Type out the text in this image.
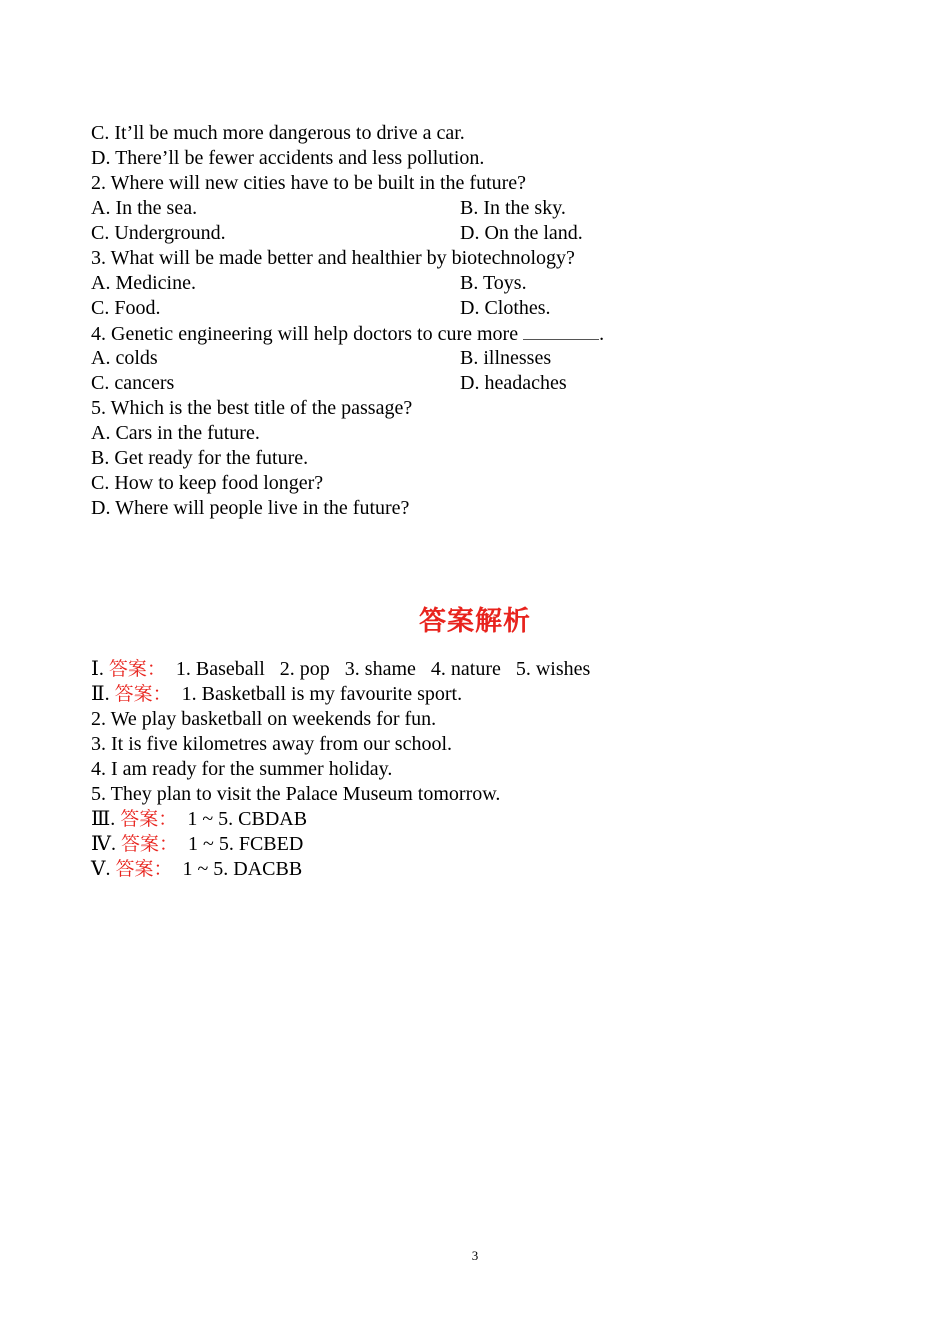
C. It’ll be much more dangerous to drive a car.
D. There’ll be fewer accidents and less pollution.
2. Where will new cities have to be built in the future?
A. In the sea.	B. In the sky.
C. Underground.	D. On the land.
3. What will be made better and healthier by biotechnology?
A. Medicine.	B. Toys.
C. Food.	D. Clothes.
4. Genetic engineering will help doctors to cure more	.
A. colds	B. illnesses
C. cancers	D. headaches
5. Which is the best title of the passage?
A. Cars in the future.
B. Get ready for the future.
C. How to keep food longer?
D. Where will people live in the future?
答案解析
Ⅰ. 答案：  1. Baseball   2. pop   3. shame   4. nature   5. wishes
Ⅱ. 答案：  1. Basketball is my favourite sport.
2. We play basketball on weekends for fun.
3. It is five kilometres away from our school.
4. I am ready for the summer holiday.
5. They plan to visit the Palace Museum tomorrow.
Ⅲ. 答案：  1 ~ 5. CBDAB
Ⅳ. 答案：  1 ~ 5. FCBED
Ⅴ. 答案：  1 ~ 5. DACBB
3
